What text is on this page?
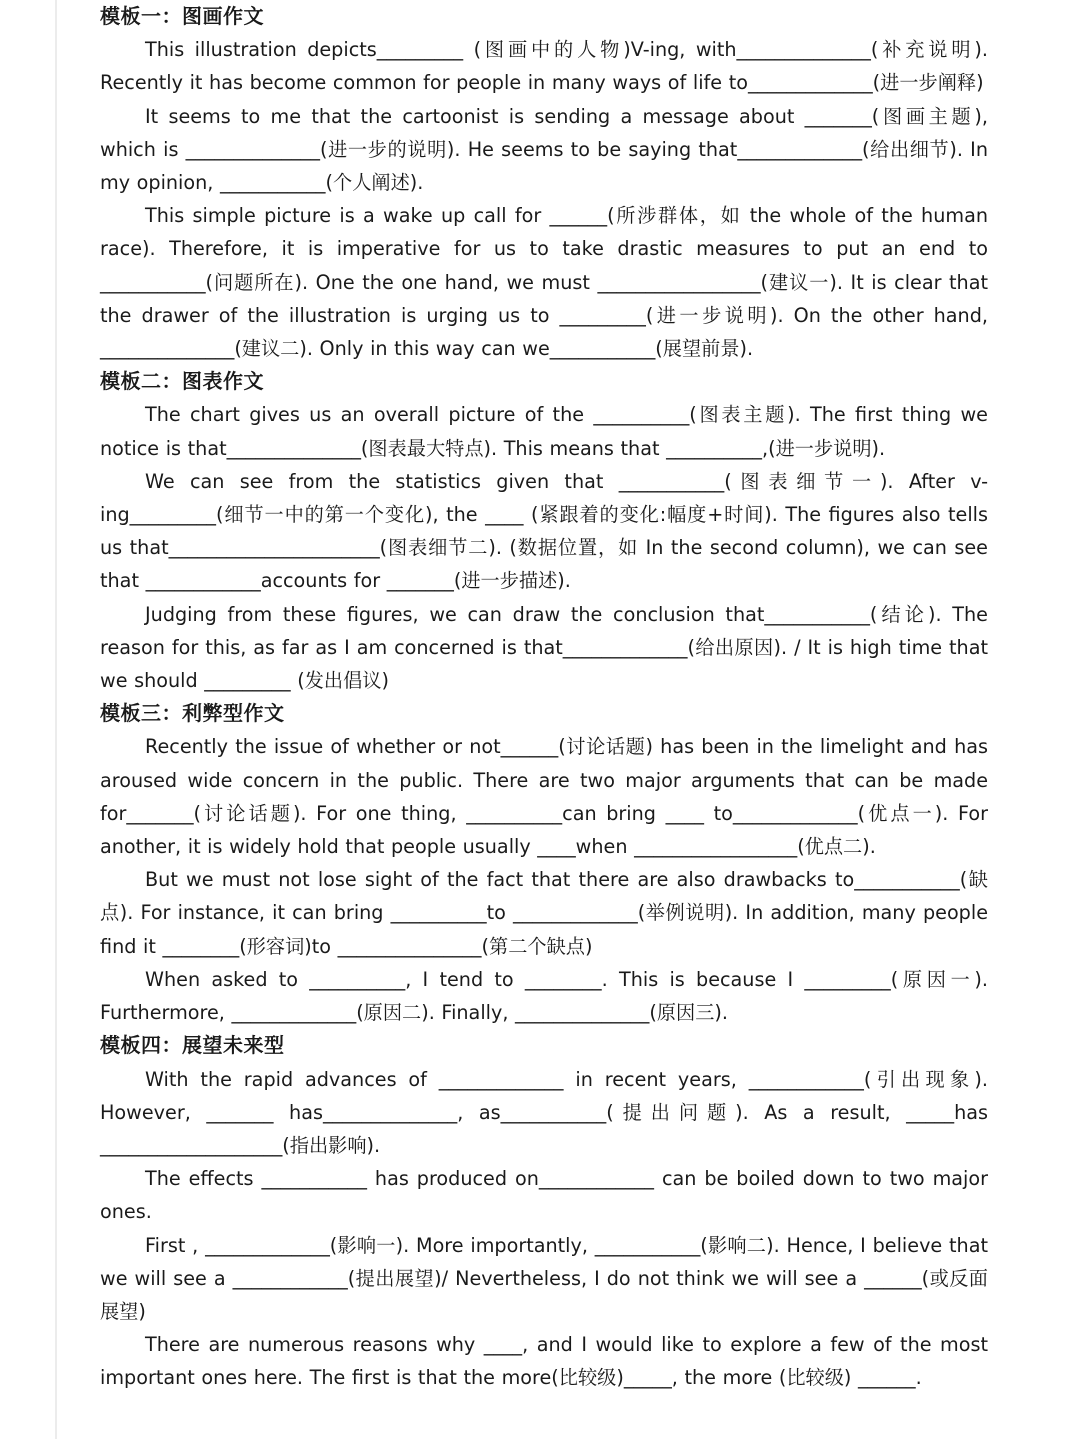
模板一：图画作文

This illustration depicts_________ (图画中的人物)V-ing, with______________(补充说明). Recently it has become common for people in many ways of life to_____________(进一步阐释)

It seems to me that the cartoonist is sending a message about _______(图画主题), which is ______________(进一步的说明). He seems to be saying that_____________(给出细节). In my opinion, ___________(个人阐述).

This simple picture is a wake up call for ______(所涉群体，如 the whole of the human race). Therefore, it is imperative for us to take drastic measures to put an end to ___________(问题所在). One the one hand, we must _________________(建议一). It is clear that the drawer of the illustration is urging us to _________(进一步说明). On the other hand, ______________(建议二). Only in this way can we___________(展望前景).

模板二：图表作文

The chart gives us an overall picture of the __________(图表主题). The first thing we notice is that______________(图表最大特点). This means that __________,(进一步说明).

We can see from the statistics given that ___________(图表细节一). After v-ing_________(细节一中的第一个变化), the ____ (紧跟着的变化:幅度+时间). The figures also tells us that______________________(图表细节二). (数据位置，如 In the second column), we can see that ____________accounts for _______(进一步描述).

Judging from these figures, we can draw the conclusion that___________(结论). The reason for this, as far as I am concerned is that_____________(给出原因). / It is high time that we should _________ (发出倡议)

模板三：利弊型作文

Recently the issue of whether or not______(讨论话题) has been in the limelight and has aroused wide concern in the public. There are two major arguments that can be made for_______(讨论话题). For one thing, __________can bring ____ to_____________(优点一). For another, it is widely hold that people usually ____when _________________(优点二).

But we must not lose sight of the fact that there are also drawbacks to___________(缺点). For instance, it can bring __________to _____________(举例说明). In addition, many people find it ________(形容词)to _______________(第二个缺点)

When asked to __________, I tend to ________. This is because I _________(原因一). Furthermore, _____________(原因二). Finally, ______________(原因三).

模板四：展望未来型

With the rapid advances of _____________ in recent years, ____________(引出现象). However, _______ has______________, as___________(提出问题). As a result, _____has ___________________(指出影响).

The effects ___________ has produced on____________ can be boiled down to two major ones.

First , _____________(影响一). More importantly, ___________(影响二). Hence, I believe that we will see a ____________(提出展望)/ Nevertheless, I do not think we will see a ______(或反面展望)

There are numerous reasons why ____, and I would like to explore a few of the most important ones here. The first is that the more(比较级)_____, the more (比较级) ______.
